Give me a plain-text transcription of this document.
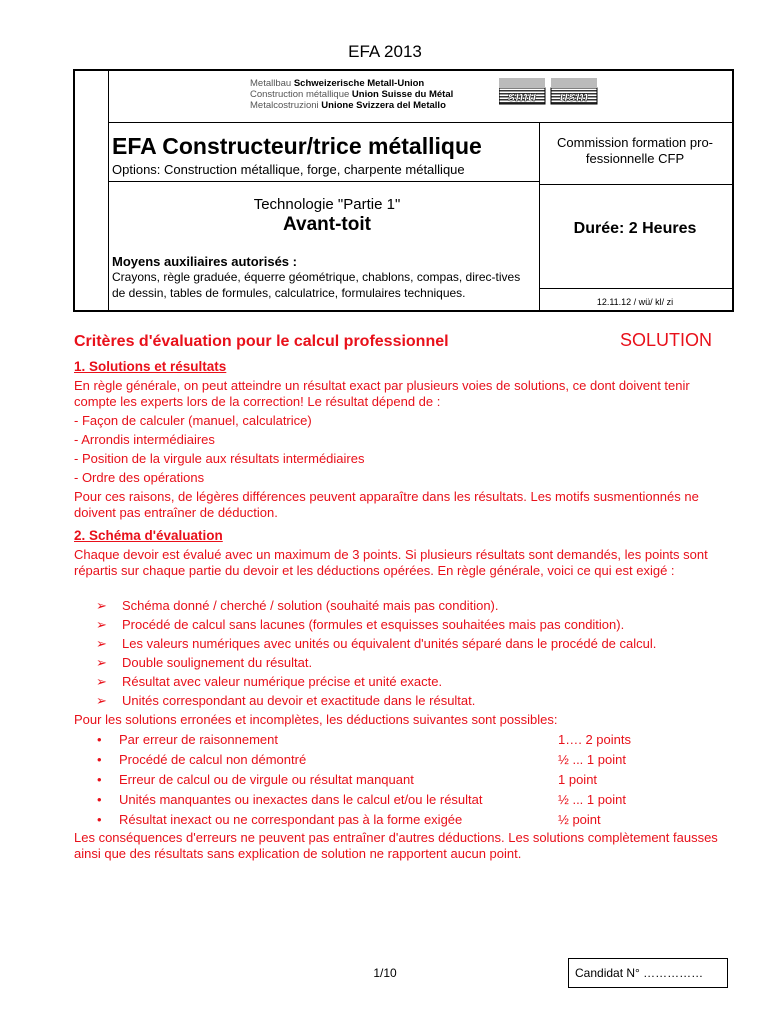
EFA 2013
Metallbau Schweizerische Metall-Union
Construction métallique Union Suisse du Métal
Metalcostruzioni Unione Svizzera del Metallo
smu usm
EFA Constructeur/trice métallique
Options: Construction métallique, forge, charpente métallique
Commission formation pro-
fessionnelle CFP
Technologie "Partie 1"
Avant-toit	Durée: 2 Heures
Moyens auxiliaires autorisés :
Crayons, règle graduée, équerre géométrique, chablons, compas, direc-tives de dessin, tables de formules, calculatrice, formulaires techniques.
12.11.12 / wü/ kl/ zi
Critères d'évaluation pour le calcul professionnel	SOLUTION
1. Solutions et résultats
En règle générale, on peut atteindre un résultat exact par plusieurs voies de solutions, ce dont doivent tenir compte les experts lors de la correction! Le résultat dépend de :
- Façon de calculer (manuel, calculatrice)
- Arrondis intermédiaires
- Position de la virgule aux résultats intermédiaires
- Ordre des opérations
Pour ces raisons, de légères différences peuvent apparaître dans les résultats. Les motifs susmentionnés ne doivent pas entraîner de déduction.
2. Schéma d'évaluation
Chaque devoir est évalué avec un maximum de 3 points. Si plusieurs résultats sont demandés, les points sont répartis sur chaque partie du devoir et les déductions opérées. En règle générale, voici ce qui est exigé :
➢ Schéma donné / cherché / solution (souhaité mais pas condition).
➢ Procédé de calcul sans lacunes (formules et esquisses souhaitées mais pas condition).
➢ Les valeurs numériques avec unités ou équivalent d'unités séparé dans le procédé de calcul.
➢ Double soulignement du résultat.
➢ Résultat avec valeur numérique précise et unité exacte.
➢ Unités correspondant au devoir et exactitude dans le résultat.
Pour les solutions erronées et incomplètes, les déductions suivantes sont possibles:
• Par erreur de raisonnement	1…. 2 points
• Procédé de calcul non démontré	½ ... 1 point
• Erreur de calcul ou de virgule ou résultat manquant	1 point
• Unités manquantes ou inexactes dans le calcul et/ou le résultat	½ ... 1 point
• Résultat inexact ou ne correspondant pas à la forme exigée	½ point
Les conséquences d'erreurs ne peuvent pas entraîner d'autres déductions. Les solutions complètement fausses ainsi que des résultats sans explication de solution ne rapportent aucun point.
1/10	Candidat N° ……………
